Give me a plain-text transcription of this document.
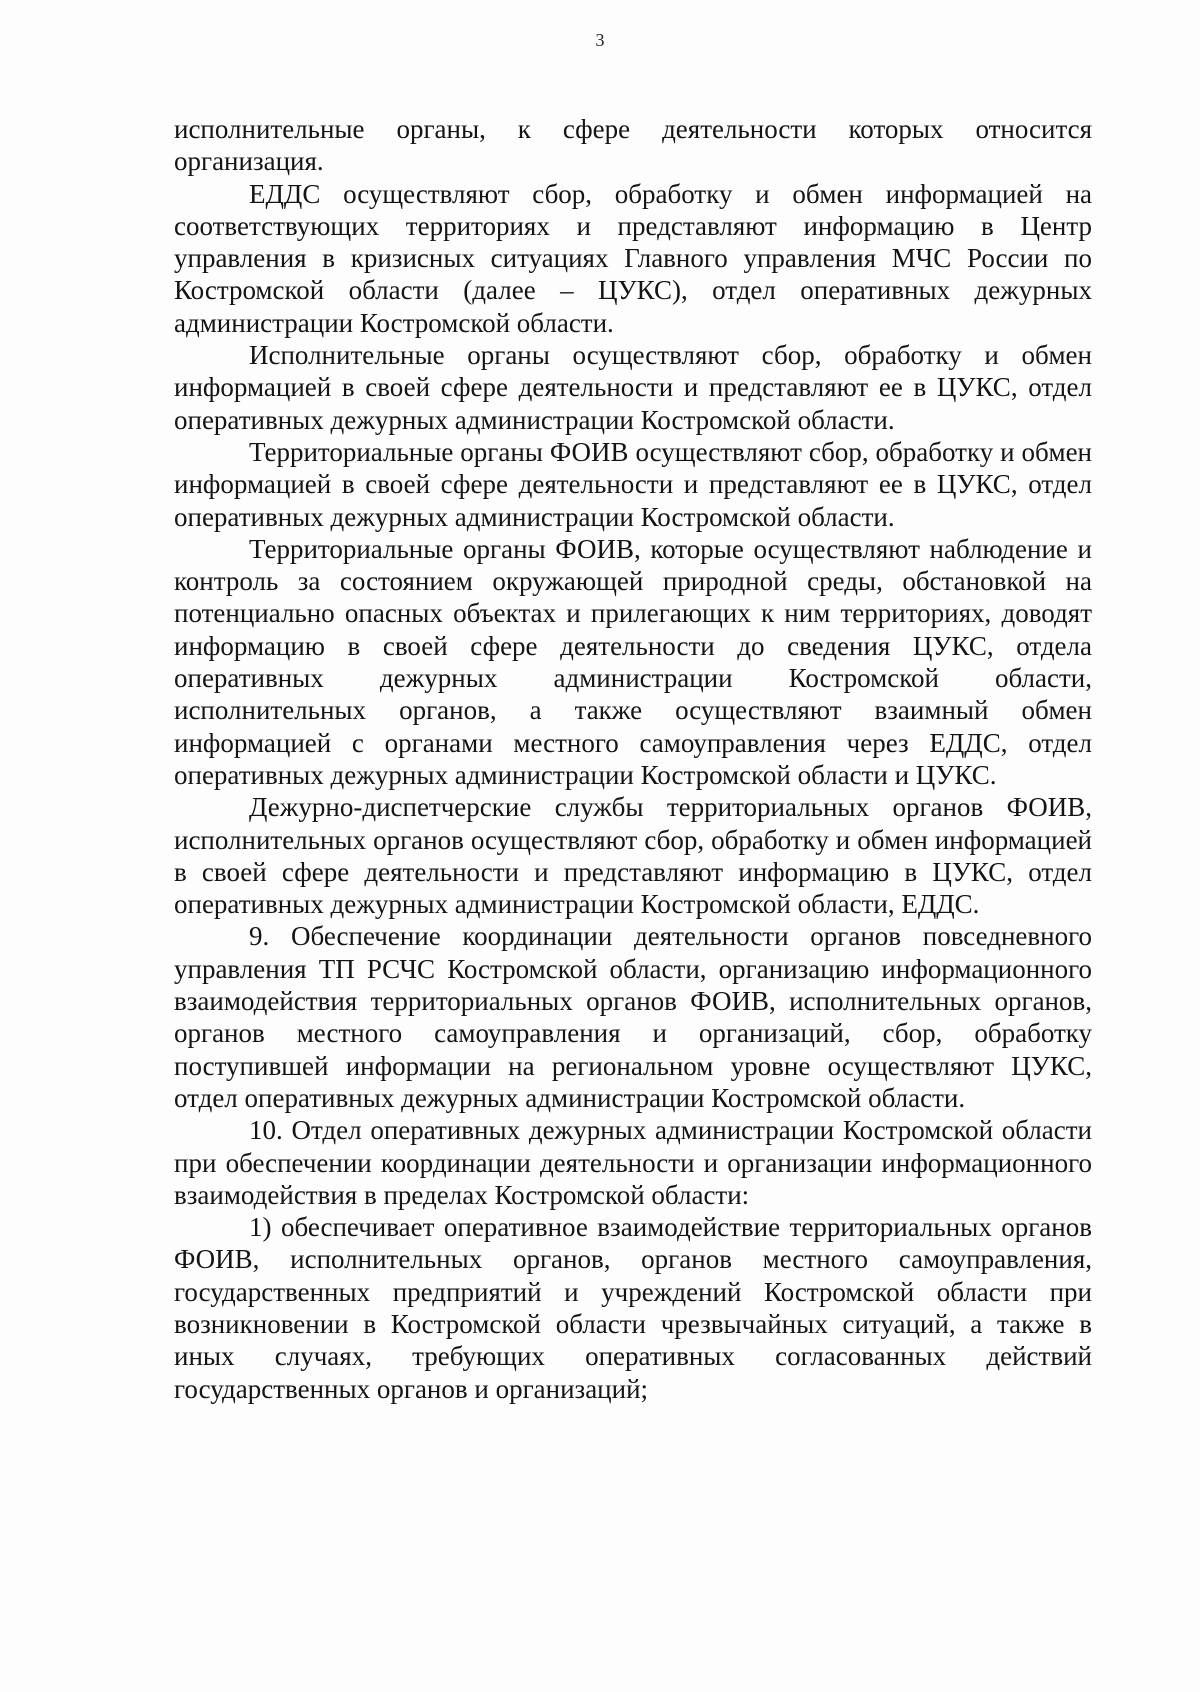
3

исполнительные органы, к сфере деятельности которых относится организация.

ЕДДС осуществляют сбор, обработку и обмен информацией на соответствующих территориях и представляют информацию в Центр управления в кризисных ситуациях Главного управления МЧС России по Костромской области (далее – ЦУКС), отдел оперативных дежурных администрации Костромской области.

Исполнительные органы осуществляют сбор, обработку и обмен информацией в своей сфере деятельности и представляют ее в ЦУКС, отдел оперативных дежурных администрации Костромской области.

Территориальные органы ФОИВ осуществляют сбор, обработку и обмен информацией в своей сфере деятельности и представляют ее в ЦУКС, отдел оперативных дежурных администрации Костромской области.

Территориальные органы ФОИВ, которые осуществляют наблюдение и контроль за состоянием окружающей природной среды, обстановкой на потенциально опасных объектах и прилегающих к ним территориях, доводят информацию в своей сфере деятельности до сведения ЦУКС, отдела оперативных дежурных администрации Костромской области, исполнительных органов, а также осуществляют взаимный обмен информацией с органами местного самоуправления через ЕДДС, отдел оперативных дежурных администрации Костромской области и ЦУКС.

Дежурно-диспетчерские службы территориальных органов ФОИВ, исполнительных органов осуществляют сбор, обработку и обмен информацией в своей сфере деятельности и представляют информацию в ЦУКС, отдел оперативных дежурных администрации Костромской области, ЕДДС.

9. Обеспечение координации деятельности органов повседневного управления ТП РСЧС Костромской области, организацию информационного взаимодействия территориальных органов ФОИВ, исполнительных органов, органов местного самоуправления и организаций, сбор, обработку поступившей информации на региональном уровне осуществляют ЦУКС, отдел оперативных дежурных администрации Костромской области.

10. Отдел оперативных дежурных администрации Костромской области при обеспечении координации деятельности и организации информационного взаимодействия в пределах Костромской области:

1) обеспечивает оперативное взаимодействие территориальных органов ФОИВ, исполнительных органов, органов местного самоуправления, государственных предприятий и учреждений Костромской области при возникновении в Костромской области чрезвычайных ситуаций, а также в иных случаях, требующих оперативных согласованных действий государственных органов и организаций;
